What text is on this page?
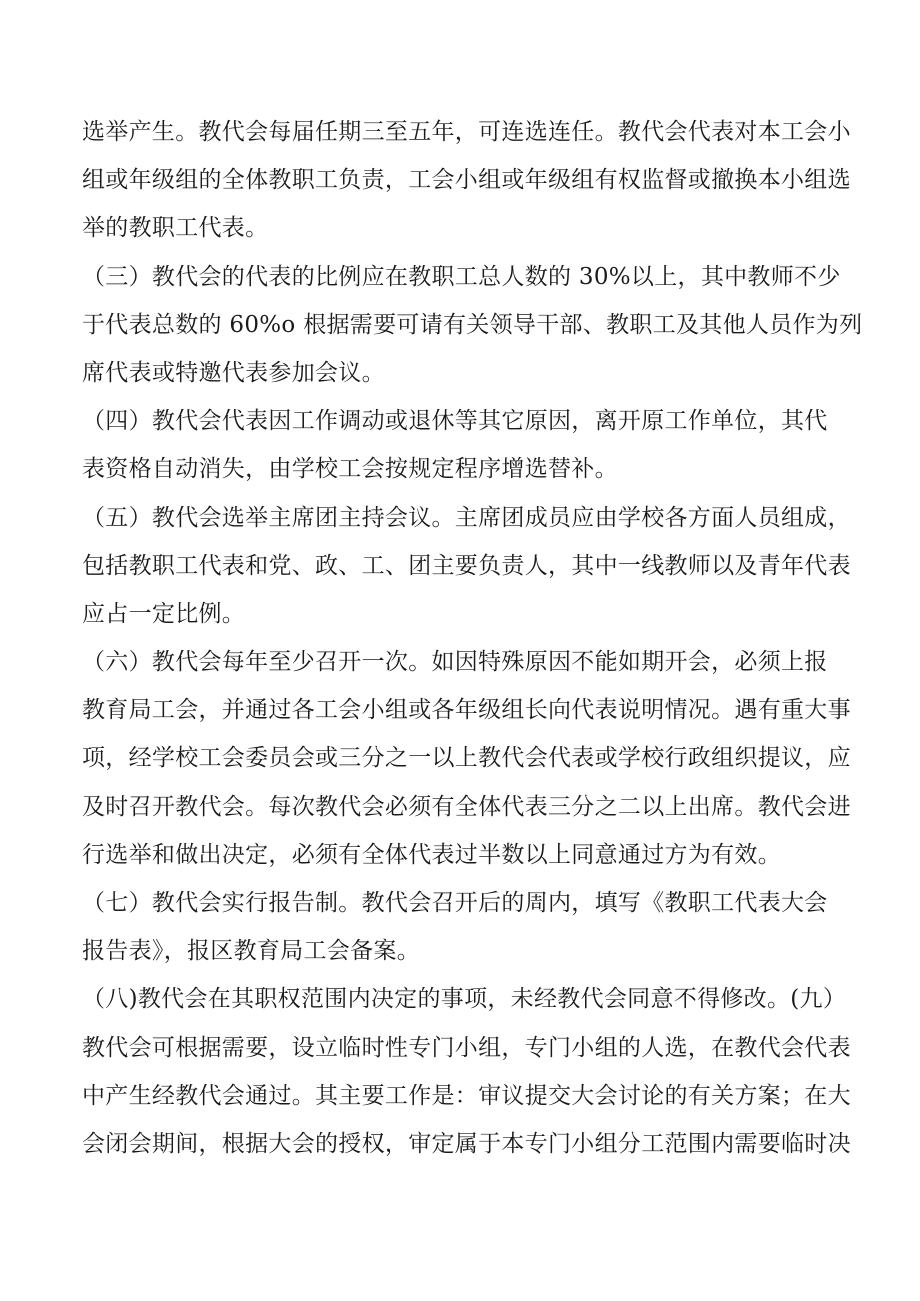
选举产生。教代会每届任期三至五年，可连选连任。教代会代表对本工会小
组或年级组的全体教职工负责，工会小组或年级组有权监督或撤换本小组选
举的教职工代表。
（三）教代会的代表的比例应在教职工总人数的 30%以上，其中教师不少
于代表总数的 60%o 根据需要可请有关领导干部、教职工及其他人员作为列
席代表或特邀代表参加会议。
（四）教代会代表因工作调动或退休等其它原因，离开原工作单位，其代
表资格自动消失，由学校工会按规定程序增选替补。
（五）教代会选举主席团主持会议。主席团成员应由学校各方面人员组成，
包括教职工代表和党、政、工、团主要负责人，其中一线教师以及青年代表
应占一定比例。
（六）教代会每年至少召开一次。如因特殊原因不能如期开会，必须上报
教育局工会，并通过各工会小组或各年级组长向代表说明情况。遇有重大事
项，经学校工会委员会或三分之一以上教代会代表或学校行政组织提议，应
及时召开教代会。每次教代会必须有全体代表三分之二以上出席。教代会进
行选举和做出决定，必须有全体代表过半数以上同意通过方为有效。
（七）教代会实行报告制。教代会召开后的周内，填写《教职工代表大会
报告表》，报区教育局工会备案。
（八)教代会在其职权范围内决定的事项，未经教代会同意不得修改。(九）
教代会可根据需要，设立临时性专门小组，专门小组的人选，在教代会代表
中产生经教代会通过。其主要工作是：审议提交大会讨论的有关方案；在大
会闭会期间，根据大会的授权，审定属于本专门小组分工范围内需要临时决
